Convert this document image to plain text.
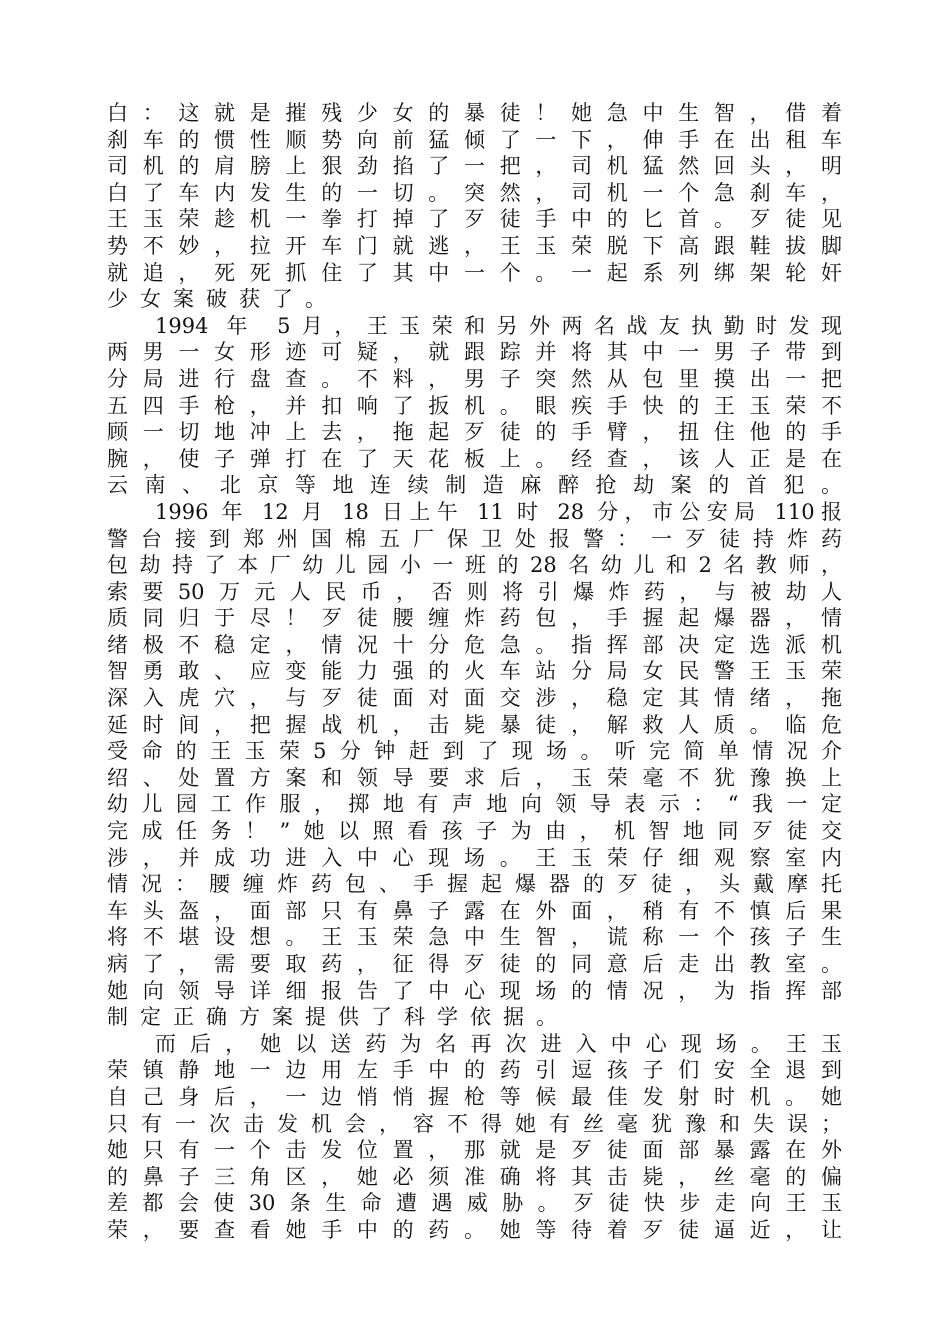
白：这就是摧残少女的暴徒！她急中生智，借着
刹车的惯性顺势向前猛倾了一下，伸手在出租车
司机的肩膀上狠劲掐了一把，司机猛然回头，明
白了车内发生的一切。突然，司机一个急刹车，
王玉荣趁机一拳打掉了歹徒手中的匕首。歹徒见
势不妙，拉开车门就逃，王玉荣脱下高跟鞋拔脚
就追，死死抓住了其中一个。一起系列绑架轮奸
少女案破获了。
1994 年 5月，王玉荣和另外两名战友执勤时发现
两男一女形迹可疑，就跟踪并将其中一男子带到
分局进行盘查。不料，男子突然从包里摸出一把
五四手枪，并扣响了扳机。眼疾手快的王玉荣不
顾一切地冲上去，拖起歹徒的手臂，扭住他的手
腕，使子弹打在了天花板上。经查，该人正是在
云南、北京等地连续制造麻醉抢劫案的首犯。
1996 年 12 月 18 日上午 11 时 28 分，市公安局 110报
警台接到郑州国棉五厂保卫处报警：一歹徒持炸药
包劫持了本厂幼儿园小一班的28名幼儿和2名教师，
索要50万元人民币，否则将引爆炸药，与被劫人
质同归于尽！歹徒腰缠炸药包，手握起爆器，情
绪极不稳定，情况十分危急。指挥部决定选派机
智勇敢、应变能力强的火车站分局女民警王玉荣
深入虎穴，与歹徒面对面交涉，稳定其情绪，拖
延时间，把握战机，击毙暴徒，解救人质。临危
受命的王玉荣5分钟赶到了现场。听完简单情况介
绍、处置方案和领导要求后，玉荣毫不犹豫换上
幼儿园工作服，掷地有声地向领导表示：“我一定
完成任务！”她以照看孩子为由，机智地同歹徒交
涉，并成功进入中心现场。王玉荣仔细观察室内
情况：腰缠炸药包、手握起爆器的歹徒，头戴摩托
车头盔，面部只有鼻子露在外面，稍有不慎后果
将不堪设想。王玉荣急中生智，谎称一个孩子生
病了，需要取药，征得歹徒的同意后走出教室。
她向领导详细报告了中心现场的情况，为指挥部
制定正确方案提供了科学依据。
而后，她以送药为名再次进入中心现场。王玉
荣镇静地一边用左手中的药引逗孩子们安全退到
自己身后，一边悄悄握枪等候最佳发射时机。她
只有一次击发机会，容不得她有丝毫犹豫和失误；
她只有一个击发位置，那就是歹徒面部暴露在外
的鼻子三角区，她必须准确将其击毙，丝毫的偏
差都会使30条生命遭遇威胁。歹徒快步走向王玉
荣，要查看她手中的药。她等待着歹徒逼近，让
